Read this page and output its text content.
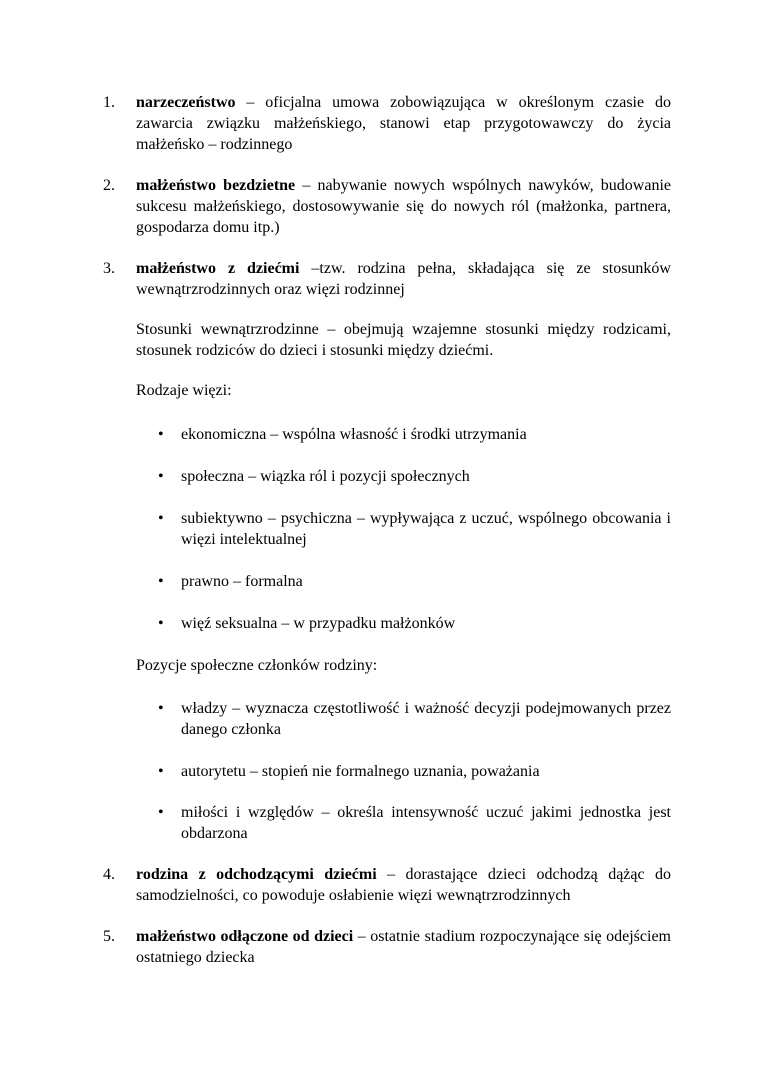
1.	narzeczeństwo – oficjalna umowa zobowiązująca w określonym czasie do zawarcia związku małżeńskiego, stanowi etap przygotowawczy do życia małżeńsko – rodzinnego
2.	małżeństwo bezdzietne – nabywanie nowych wspólnych nawyków, budowanie sukcesu małżeńskiego, dostosowywanie się do nowych ról (małżonka, partnera, gospodarza domu itp.)
3.	małżeństwo z dziećmi –tzw. rodzina pełna, składająca się ze stosunków wewnątrzrodzinnych oraz więzi rodzinnej
Stosunki wewnątrzrodzinne – obejmują wzajemne stosunki między rodzicami, stosunek rodziców do dzieci i stosunki między dziećmi.
Rodzaje więzi:
•	ekonomiczna – wspólna własność i środki utrzymania
•	społeczna – wiązka ról i pozycji społecznych
•	subiektywno – psychiczna – wypływająca z uczuć, wspólnego obcowania i więzi intelektualnej
•	prawno – formalna
•	więź seksualna – w przypadku małżonków
Pozycje społeczne członków rodziny:
•	władzy – wyznacza częstotliwość i ważność decyzji podejmowanych przez danego członka
•	autorytetu – stopień nie formalnego uznania, poważania
•	miłości i względów – określa intensywność uczuć jakimi jednostka jest obdarzona
4.	rodzina z odchodzącymi dziećmi – dorastające dzieci odchodzą dążąc do samodzielności, co powoduje osłabienie więzi wewnątrzrodzinnych
5.	małżeństwo odłączone od dzieci – ostatnie stadium rozpoczynające się odejściem ostatniego dziecka
